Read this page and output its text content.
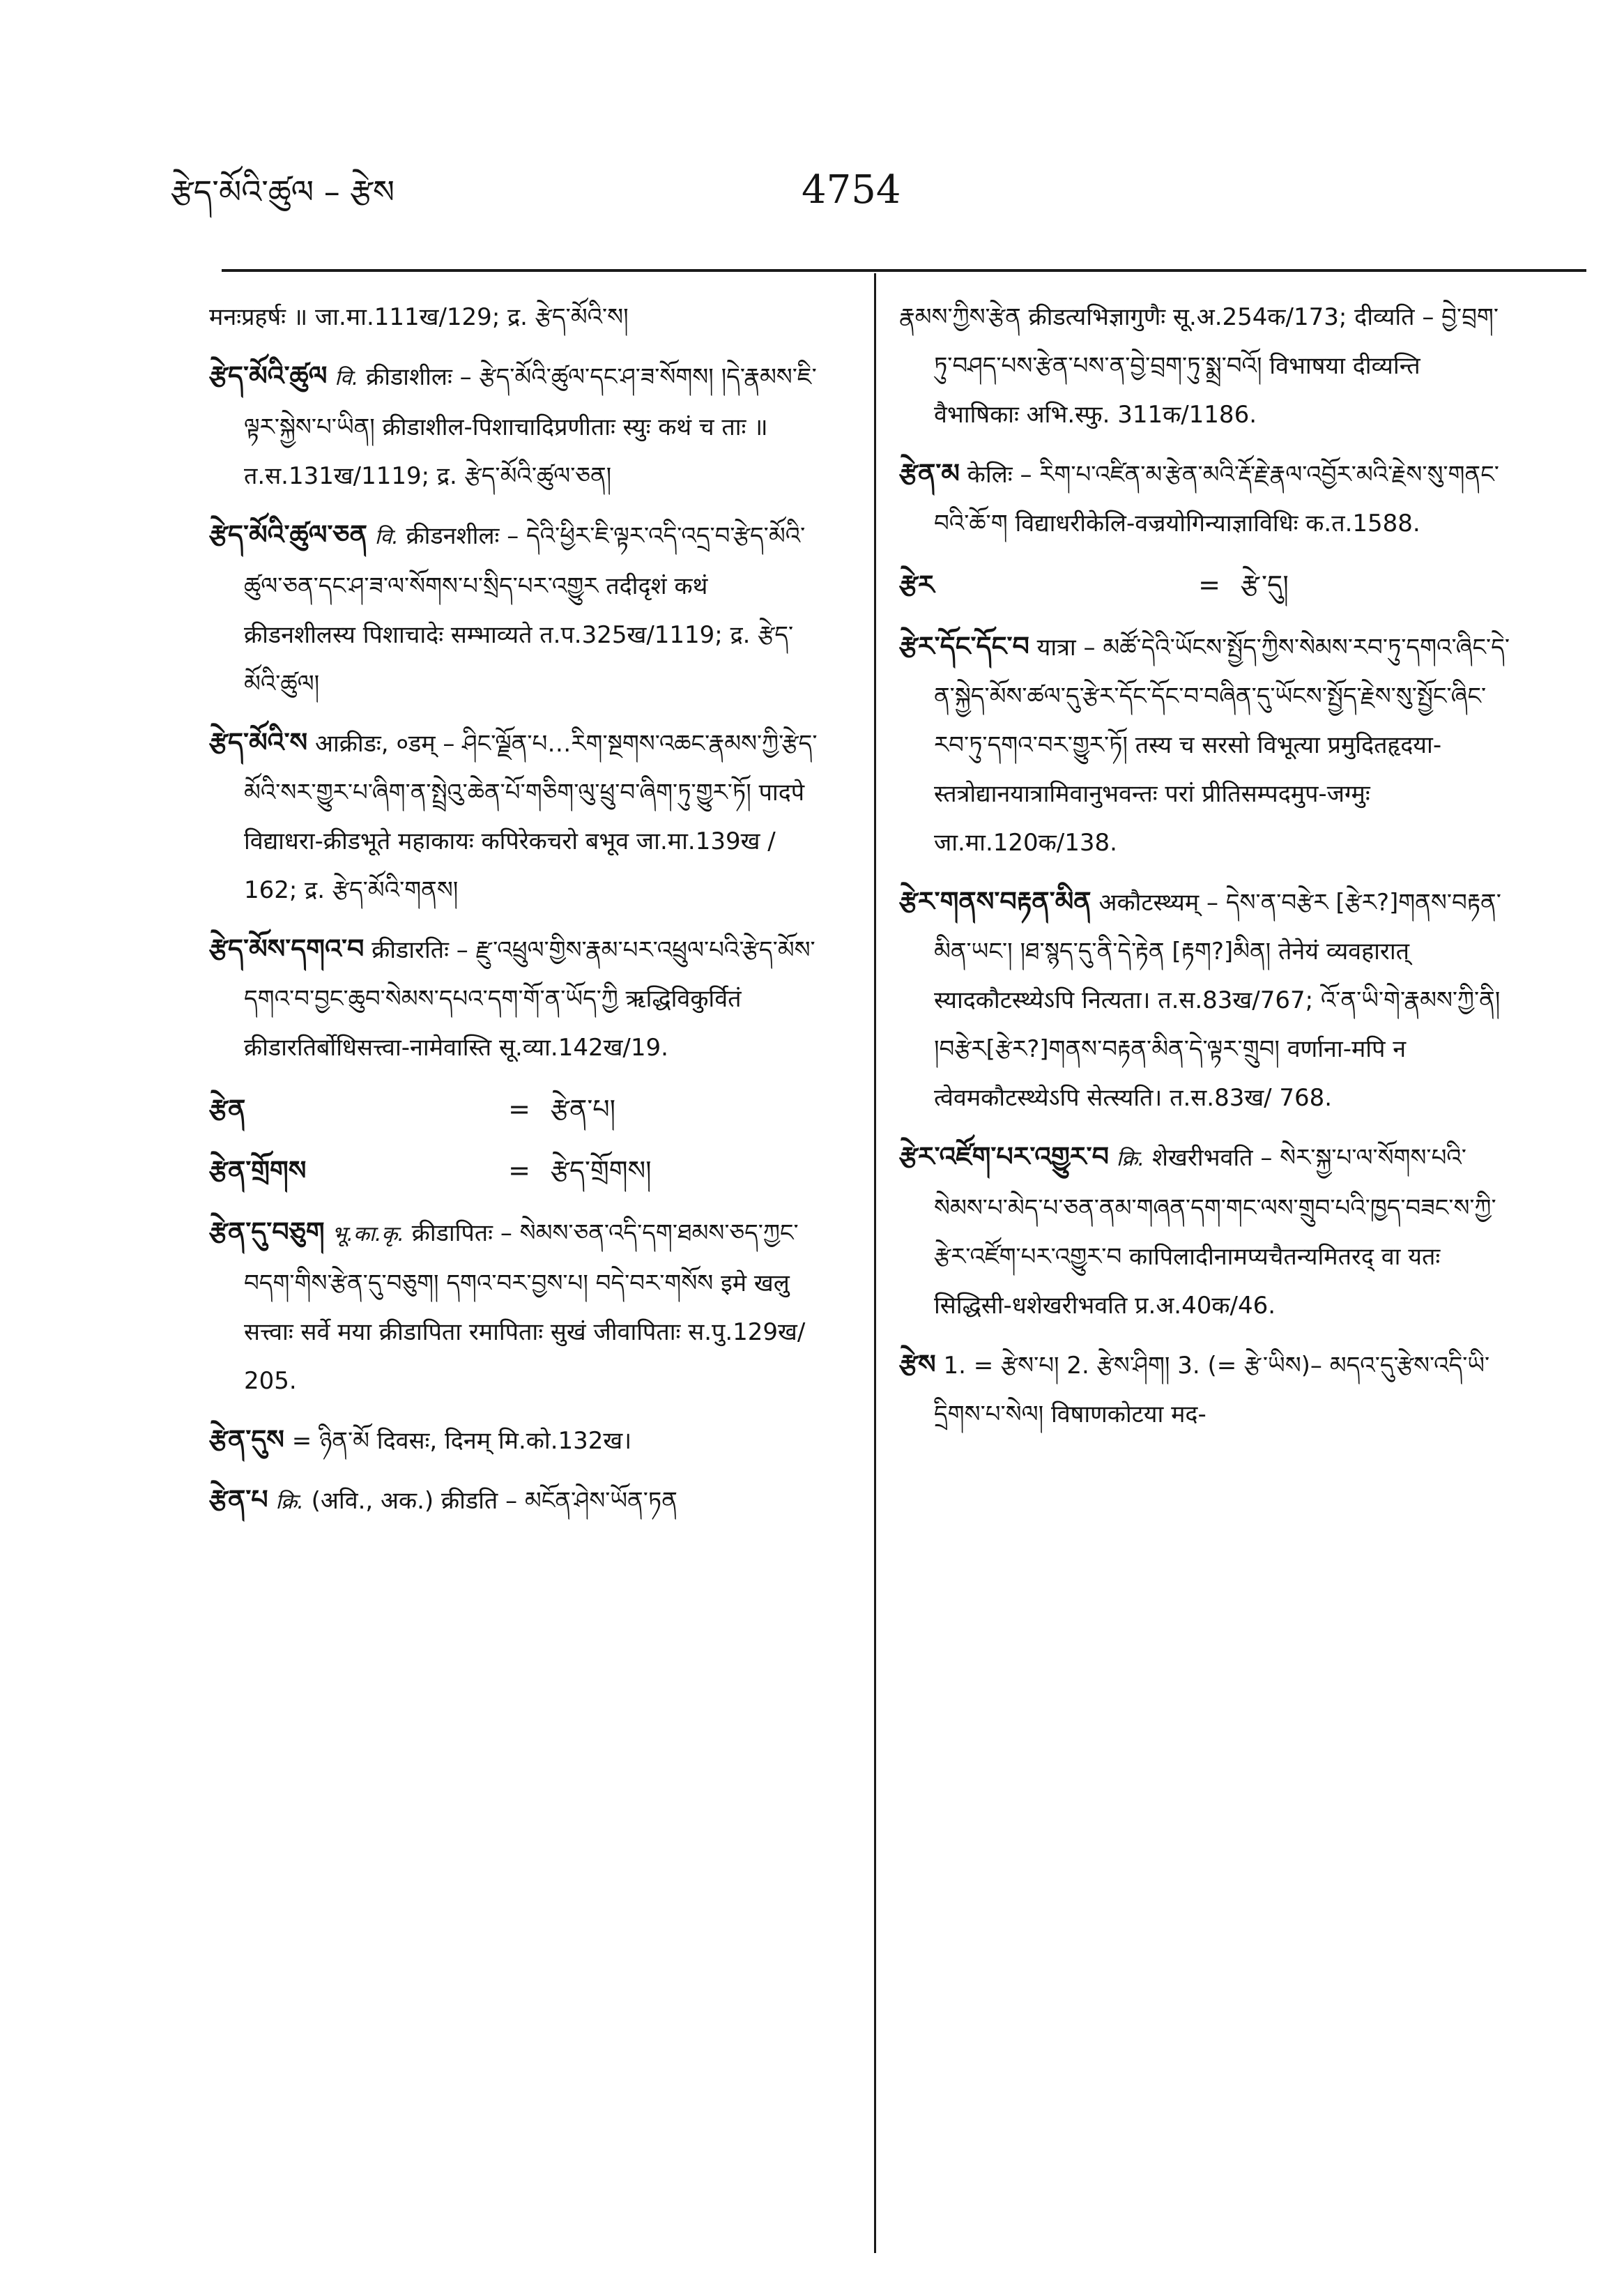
རྩེད་མོའི་ཚུལ – རྩེས	4754

मनःप्रहर्षः ॥ जा.मा.111ख/129; द्र. རྩེད་མོའི་ས།

རྩེད་མོའི་ཚུལ वि. क्रीडाशीलः – རྩེད་མོའི་ཚུལ་དང་ཤ་ཟ་སོགས། །དེ་རྣམས་ཇི་ལྟར་སྐྱེས་པ་ཡིན། क्रीडाशील-पिशाचादिप्रणीताः स्युः कथं च ताः ॥ त.स.131ख/1119; द्र. རྩེད་མོའི་ཚུལ་ཅན།

རྩེད་མོའི་ཚུལ་ཅན वि. क्रीडनशीलः – དེའི་ཕྱིར་ཇི་ལྟར་འདི་འདྲ་བ་རྩེད་མོའི་ཚུལ་ཅན་དང་ཤ་ཟ་ལ་སོགས་པ་སྲིད་པར་འགྱུར तदीदृशं कथं क्रीडनशीलस्य पिशाचादेः सम्भाव्यते त.प.325ख/1119; द्र. རྩེད་མོའི་ཚུལ།

རྩེད་མོའི་ས आक्रीडः, ०डम् – ཤིང་ལྗོན་པ…རིག་སྔགས་འཆང་རྣམས་ཀྱི་རྩེད་མོའི་སར་གྱུར་པ་ཞིག་ན་སྤྲེའུ་ཆེན་པོ་གཅིག་ལུ་ཕྲུ་བ་ཞིག་ཏུ་གྱུར་ཏོ། पादपे विद्याधरा-क्रीडभूते महाकायः कपिरेकचरो बभूव जा.मा.139ख / 162; द्र. རྩེད་མོའི་གནས།

རྩེད་མོས་དགའ་བ क्रीडारतिः – རྫུ་འཕྲུལ་གྱིས་རྣམ་པར་འཕྲུལ་པའི་རྩེད་མོས་དགའ་བ་བྱང་ཆུབ་སེམས་དཔའ་དག་གོ་ན་ཡོད་ཀྱི ऋद्धिविकुर्वितं क्रीडारतिर्बोधिसत्त्वा-नामेवास्ति सू.व्या.142ख/19.

རྩེན	= རྩེན་པ།
རྩེན་གྲོགས	= རྩེད་གྲོགས།

རྩེན་དུ་བཅུག भू.का.कृ. क्रीडापितः – སེམས་ཅན་འདི་དག་ཐམས་ཅད་ཀྱང་བདག་གིས་རྩེན་དུ་བཅུག། དགའ་བར་བྱས་པ། བདེ་བར་གསོས इमे खलु सत्त्वाः सर्वे मया क्रीडापिता रमापिताः सुखं जीवापिताः स.पु.129ख/ 205.

རྩེན་དུས = ཉིན་མོ दिवसः, दिनम् मि.को.132ख।

རྩེན་པ क्रि. (अवि., अक.) क्रीडति – མངོན་ཤེས་ཡོན་ཏན

རྣམས་ཀྱིས་རྩེན क्रीडत्यभिज्ञागुणैः सू.अ.254क/173; दीव्यति – བྱེ་བྲག་ཏུ་བཤད་པས་རྩེན་པས་ན་བྱེ་བྲག་ཏུ་སྨྲ་བའོ། विभाषया दीव्यन्ति वैभाषिकाः अभि.स्फु. 311क/1186.

རྩེན་མ केलिः – རིག་པ་འཛིན་མ་རྩེན་མའི་རྡོ་རྗེ་རྣལ་འབྱོར་མའི་རྗེས་སུ་གནང་བའི་ཆོ་ག विद्याधरीकेलि-वज्रयोगिन्याज्ञाविधिः क.त.1588.

རྩེར	= རྩེ་དུ།

རྩེར་དོང་དོང་བ यात्रा – མཚོ་དེའི་ཡོངས་སྤྱོད་ཀྱིས་སེམས་རབ་ཏུ་དགའ་ཞིང་དེ་ན་སྐྱེད་མོས་ཚལ་དུ་རྩེར་དོང་དོང་བ་བཞིན་དུ་ཡོངས་སྤྱོད་རྗེས་སུ་སྤྱོང་ཞིང་རབ་ཏུ་དགའ་བར་གྱུར་ཏོ། तस्य च सरसो विभूत्या प्रमुदितहृदया-स्तत्रोद्यानयात्रामिवानुभवन्तः परां प्रीतिसम्पदमुप-जग्मुः जा.मा.120क/138.

རྩེར་གནས་བརྟན་མིན अकौटस्थ्यम् – དེས་ན་བརྩེར [རྩེར?]གནས་བརྟན་མིན་ཡང་། །ཐ་སྙད་དུ་ནི་དེ་རྟེན [རྟག?]མིན། तेनेयं व्यवहारात् स्यादकौटस्थ्येऽपि नित्यता। त.स.83ख/767; འོ་ན་ཡི་གེ་རྣམས་ཀྱི་ནི། །བརྩེར[རྩེར?]གནས་བརྟན་མིན་དེ་ལྟར་གྲུབ། वर्णाना-मपि न त्वेवमकौटस्थ्येऽपि सेत्स्यति। त.स.83ख/ 768.

རྩེར་འཛོག་པར་འགྱུར་བ क्रि. शेखरीभवति – སེར་སྐྱ་པ་ལ་སོགས་པའི་སེམས་པ་མེད་པ་ཅན་ནམ་གཞན་དག་གང་ལས་གྲུབ་པའི་ཁྱད་བཟང་ས་ཀྱི་རྩེར་འཛོག་པར་འགྱུར་བ कापिलादीनामप्यचैतन्यमितरद् वा यतः सिद्धिसी-धशेखरीभवति प्र.अ.40क/46.

རྩེས 1. = རྩེས་པ། 2. རྩེས་ཤིག། 3. (= རྩེ་ཡིས)– མདའ་དུ་རྩེས་འདི་ཡི་དྲིགས་པ་སེལ། विषाणकोटया मद-
